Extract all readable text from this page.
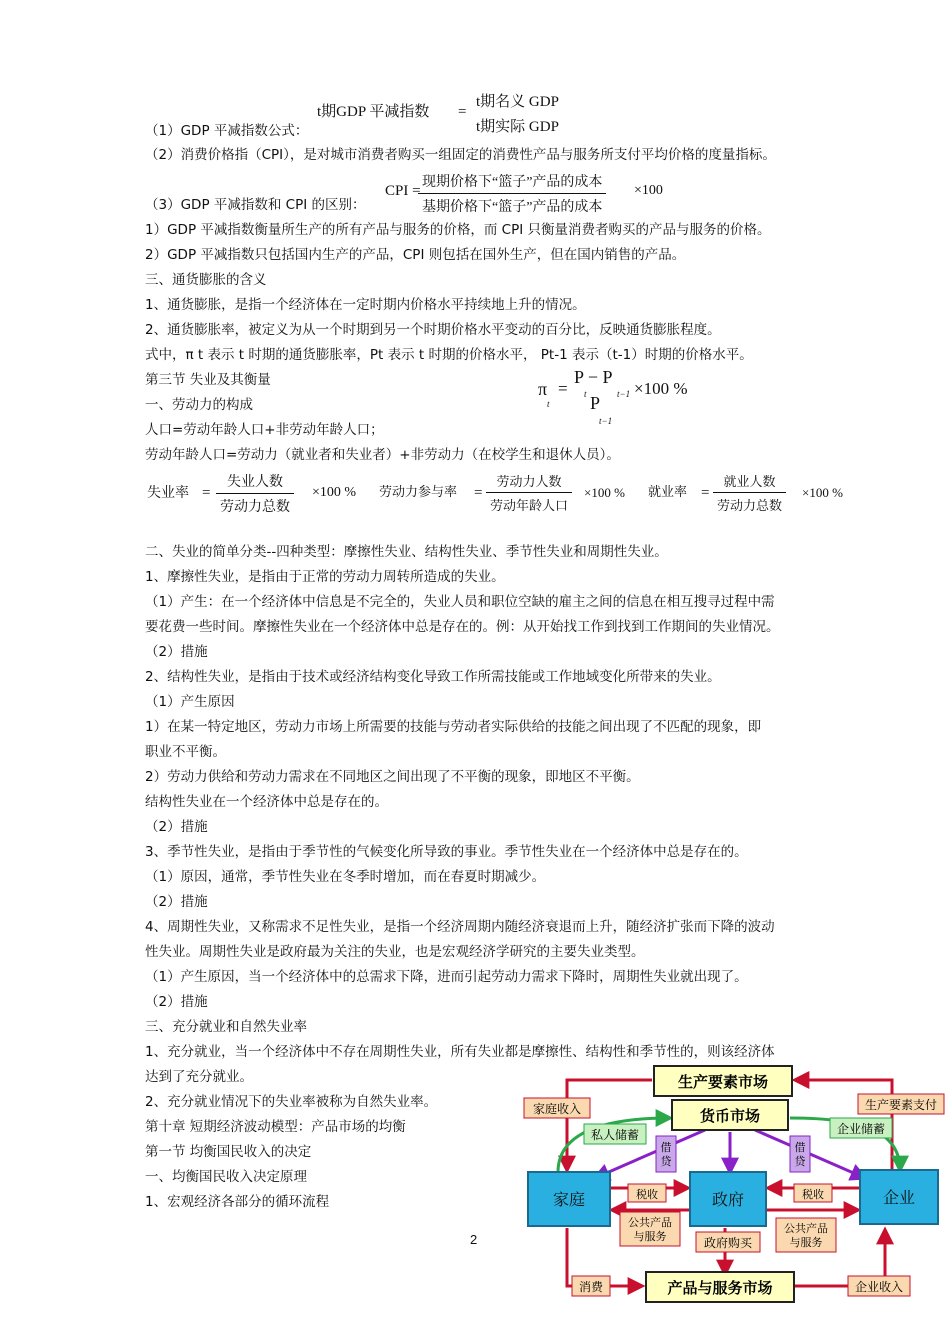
t期GDP 平减指数 =
t期名义 GDP
t期实际 GDP
CPI =
现期价格下“篮子”产品的成本
基期价格下“篮子”产品的成本
×100
π
t
=
P − P
t	t−1
P
t−1
×100 %
失业率 =
失业人数
劳动力总数
×100 % 劳动力参与率 =
劳动力人数
劳动年龄人口
×100 % 就业率 =
就业人数
劳动力总数
×100 %
（1）GDP 平减指数公式：
（2）消费价格指（CPI），是对城市消费者购买一组固定的消费性产品与服务所支付平均价格的度量指标。
（3）GDP 平减指数和 CPI 的区别：
1）GDP 平减指数衡量所生产的所有产品与服务的价格，而 CPI 只衡量消费者购买的产品与服务的价格。
2）GDP 平减指数只包括国内生产的产品，CPI 则包括在国外生产，但在国内销售的产品。
三、通货膨胀的含义
1、通货膨胀，是指一个经济体在一定时期内价格水平持续地上升的情况。
2、通货膨胀率，被定义为从一个时期到另一个时期价格水平变动的百分比，反映通货膨胀程度。
式中，π t 表示 t 时期的通货膨胀率，Pt 表示 t 时期的价格水平， Pt-1 表示（t-1）时期的价格水平。
第三节 失业及其衡量
一、劳动力的构成
人口=劳动年龄人口+非劳动年龄人口；
劳动年龄人口=劳动力（就业者和失业者）+非劳动力（在校学生和退休人员）。
二、失业的简单分类--四种类型：摩擦性失业、结构性失业、季节性失业和周期性失业。
1、摩擦性失业，是指由于正常的劳动力周转所造成的失业。
（1）产生：在一个经济体中信息是不完全的，失业人员和职位空缺的雇主之间的信息在相互搜寻过程中需
要花费一些时间。摩擦性失业在一个经济体中总是存在的。例：从开始找工作到找到工作期间的失业情况。
（2）措施
2、结构性失业，是指由于技术或经济结构变化导致工作所需技能或工作地域变化所带来的失业。
（1）产生原因
1）在某一特定地区，劳动力市场上所需要的技能与劳动者实际供给的技能之间出现了不匹配的现象，即
职业不平衡。
2）劳动力供给和劳动力需求在不同地区之间出现了不平衡的现象，即地区不平衡。
结构性失业在一个经济体中总是存在的。
（2）措施
3、季节性失业，是指由于季节性的气候变化所导致的事业。季节性失业在一个经济体中总是存在的。
（1）原因，通常，季节性失业在冬季时增加，而在春夏时期减少。
（2）措施
4、周期性失业，又称需求不足性失业，是指一个经济周期内随经济衰退而上升，随经济扩张而下降的波动
性失业。周期性失业是政府最为关注的失业，也是宏观经济学研究的主要失业类型。
（1）产生原因，当一个经济体中的总需求下降，进而引起劳动力需求下降时，周期性失业就出现了。
（2）措施
三、充分就业和自然失业率
1、充分就业，当一个经济体中不存在周期性失业，所有失业都是摩擦性、结构性和季节性的，则该经济体
达到了充分就业。
2、充分就业情况下的失业率被称为自然失业率。
第十章 短期经济波动模型：产品市场的均衡
第一节 均衡国民收入的决定
一、均衡国民收入决定原理
1、宏观经济各部分的循环流程
2
生产要素市场
货币市场
产品与服务市场
家庭	政府	企业
家庭收入	生产要素支付
私人储蓄	企业储蓄
借贷
借贷
税收	税收
公共产品与服务
公共产品与服务
政府购买
消费	企业收入
